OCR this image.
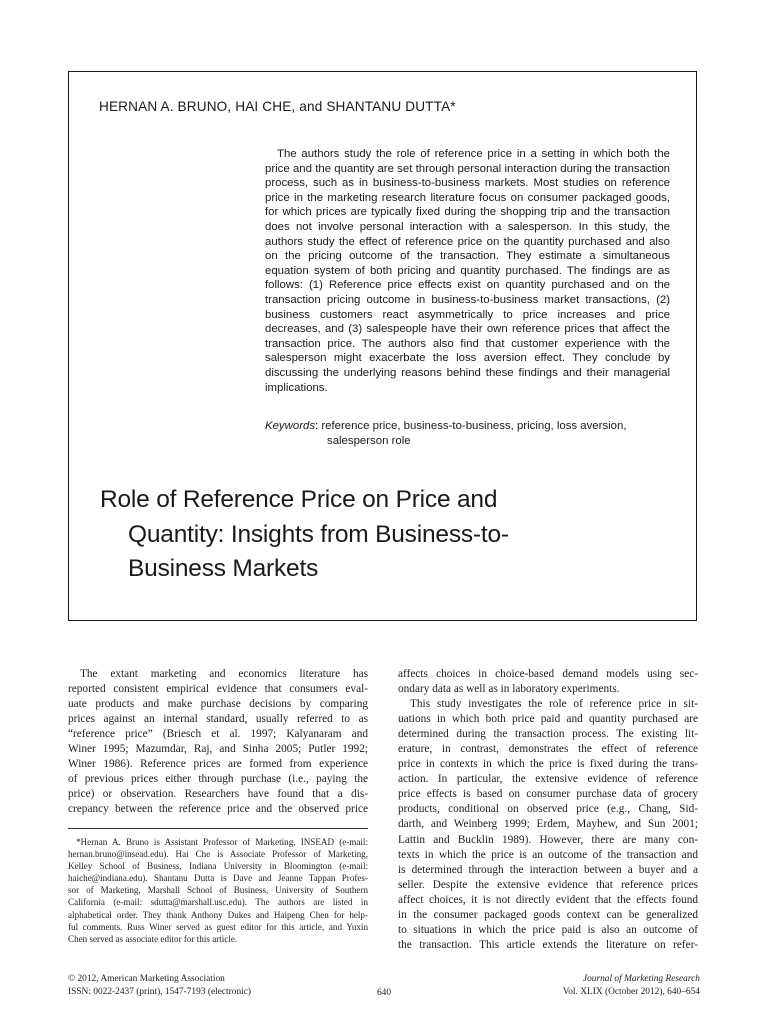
HERNAN A. BRUNO, HAI CHE, and SHANTANU DUTTA*

The authors study the role of reference price in a setting in which both the price and the quantity are set through personal interaction during the transaction process, such as in business-to-business markets. Most studies on reference price in the marketing research literature focus on consumer packaged goods, for which prices are typically fixed during the shopping trip and the transaction does not involve personal interaction with a salesperson. In this study, the authors study the effect of reference price on the quantity purchased and also on the pricing outcome of the transaction. They estimate a simultaneous equation system of both pricing and quantity purchased. The findings are as follows: (1) Reference price effects exist on quantity purchased and on the transaction pricing outcome in business-to-business market transactions, (2) business customers react asymmetrically to price increases and price decreases, and (3) salespeople have their own reference prices that affect the transaction price. The authors also find that customer experience with the salesperson might exacerbate the loss aversion effect. They conclude by discussing the underlying reasons behind these findings and their managerial implications.

Keywords: reference price, business-to-business, pricing, loss aversion,
salesperson role
Role of Reference Price on Price and
Quantity: Insights from Business-to-
Business Markets

The extant marketing and economics literature has
reported consistent empirical evidence that consumers eval-
uate products and make purchase decisions by comparing
prices against an internal standard, usually referred to as
“reference price” (Briesch et al. 1997; Kalyanaram and
Winer 1995; Mazumdar, Raj, and Sinha 2005; Putler 1992;
Winer 1986). Reference prices are formed from experience
of previous prices either through purchase (i.e., paying the
price) or observation. Researchers have found that a dis-
crepancy between the reference price and the observed price

*Hernan A. Bruno is Assistant Professor of Marketing, INSEAD (e-mail:
hernan.bruno@insead.edu). Hai Che is Associate Professor of Marketing,
Kelley School of Business, Indiana University in Bloomington (e-mail:
haiche@indiana.edu). Shantanu Dutta is Dave and Jeanne Tappan Profes-
sor of Marketing, Marshall School of Business, University of Southern
California (e-mail: sdutta@marshall.usc.edu). The authors are listed in
alphabetical order. They thank Anthony Dukes and Haipeng Chen for help-
ful comments. Russ Winer served as guest editor for this article, and Yuxin
Chen served as associate editor for this article.

affects choices in choice-based demand models using sec-
ondary data as well as in laboratory experiments.
This study investigates the role of reference price in sit-
uations in which both price paid and quantity purchased are
determined during the transaction process. The existing lit-
erature, in contrast, demonstrates the effect of reference
price in contexts in which the price is fixed during the trans-
action. In particular, the extensive evidence of reference
price effects is based on consumer purchase data of grocery
products, conditional on observed price (e.g., Chang, Sid-
darth, and Weinberg 1999; Erdem, Mayhew, and Sun 2001;
Lattin and Bucklin 1989). However, there are many con-
texts in which the price is an outcome of the transaction and
is determined through the interaction between a buyer and a
seller. Despite the extensive evidence that reference prices
affect choices, it is not directly evident that the effects found
in the consumer packaged goods context can be generalized
to situations in which the price paid is also an outcome of
the transaction. This article extends the literature on refer-

© 2012, American Marketing Association
ISSN: 0022-2437 (print), 1547-7193 (electronic)	640
Journal of Marketing Research
Vol. XLIX (October 2012), 640–654
